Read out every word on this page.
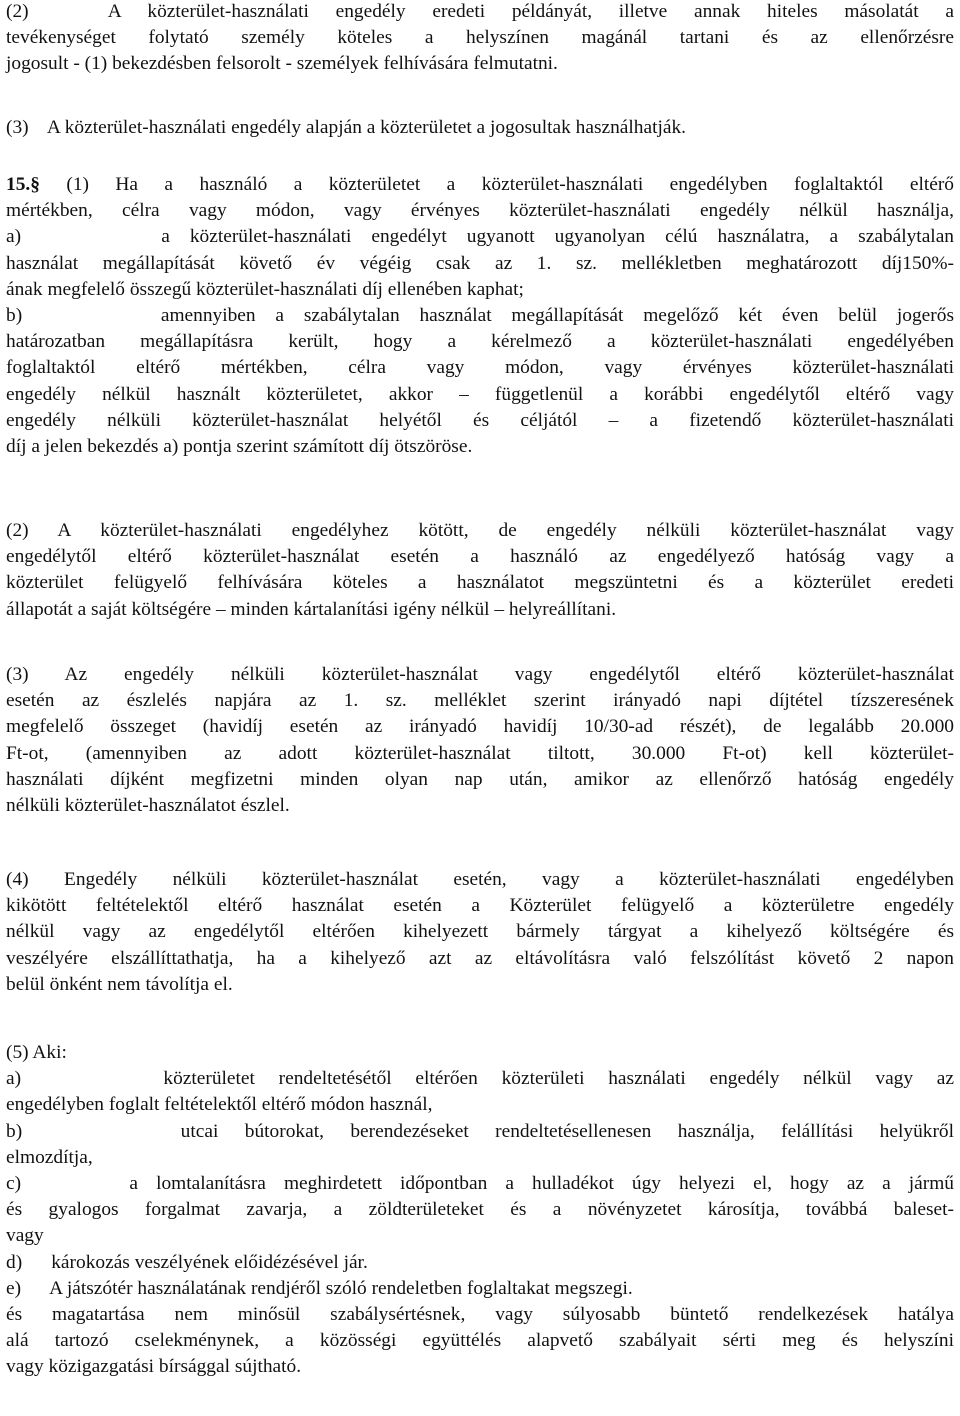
(2)   A közterület-használati engedély eredeti példányát, illetve annak hiteles másolatát a
tevékenységet folytató személy köteles a helyszínen magánál tartani és az ellenőrzésre
jogosult - (1) bekezdésben felsorolt - személyek felhívására felmutatni.
(3)    A közterület-használati engedély alapján a közterületet a jogosultak használhatják.
15.§ (1) Ha a használó a közterületet a közterület-használati engedélyben foglaltaktól eltérő
mértékben, célra vagy módon, vagy érvényes közterület-használati engedély nélkül használja,
a)       a közterület-használati engedélyt ugyanott ugyanolyan célú használatra, a szabálytalan
használat megállapítását követő év végéig csak az 1. sz. mellékletben meghatározott díj150%-
ának megfelelő összegű közterület-használati díj ellenében kaphat;
b)       amennyiben a szabálytalan használat megállapítását megelőző két éven belül jogerős
határozatban megállapításra került, hogy a kérelmező a közterület-használati engedélyében
foglaltaktól eltérő mértékben, célra vagy módon, vagy érvényes közterület-használati
engedély nélkül használt közterületet, akkor – függetlenül a korábbi engedélytől eltérő vagy
engedély nélküli közterület-használat helyétől és céljától – a fizetendő közterület-használati
díj a jelen bekezdés a) pontja szerint számított díj ötszöröse.
(2) A közterület-használati engedélyhez kötött, de engedély nélküli közterület-használat vagy
engedélytől eltérő közterület-használat esetén a használó az engedélyező hatóság vagy a
közterület felügyelő felhívására köteles a használatot megszüntetni és a közterület eredeti
állapotát a saját költségére – minden kártalanítási igény nélkül – helyreállítani.
(3) Az engedély nélküli közterület-használat vagy engedélytől eltérő közterület-használat
esetén az észlelés napjára az 1. sz. melléklet szerint irányadó napi díjtétel tízszeresének
megfelelő összeget (havidíj esetén az irányadó havidíj 10/30-ad részét), de legalább 20.000
Ft-ot, (amennyiben az adott közterület-használat tiltott, 30.000 Ft-ot) kell közterület-
használati díjként megfizetni minden olyan nap után, amikor az ellenőrző hatóság engedély
nélküli közterület-használatot észlel.
(4) Engedély nélküli közterület-használat esetén, vagy a közterület-használati engedélyben
kikötött feltételektől eltérő használat esetén a Közterület felügyelő a közterületre engedély
nélkül vagy az engedélytől eltérően kihelyezett bármely tárgyat a kihelyező költségére és
veszélyére elszállíttathatja, ha a kihelyező azt az eltávolításra való felszólítást követő 2 napon
belül önként nem távolítja el.
(5) Aki:
a)      közterületet rendeltetésétől eltérően közterületi használati engedély nélkül vagy az
engedélyben foglalt feltételektől eltérő módon használ,
b)      utcai bútorokat, berendezéseket rendeltetésellenesen használja, felállítási helyükről
elmozdítja,
c)      a lomtalanításra meghirdetett időpontban a hulladékot úgy helyezi el, hogy az a jármű
és gyalogos forgalmat zavarja, a zöldterületeket és a növényzetet károsítja, továbbá baleset-
vagy
d)      károkozás veszélyének előidézésével jár.
e)      A játszótér használatának rendjéről szóló rendeletben foglaltakat megszegi.
és magatartása nem minősül szabálysértésnek, vagy súlyosabb büntető rendelkezések hatálya
alá tartozó cselekménynek, a közösségi együttélés alapvető szabályait sérti meg és helyszíni
vagy közigazgatási bírsággal sújtható.
